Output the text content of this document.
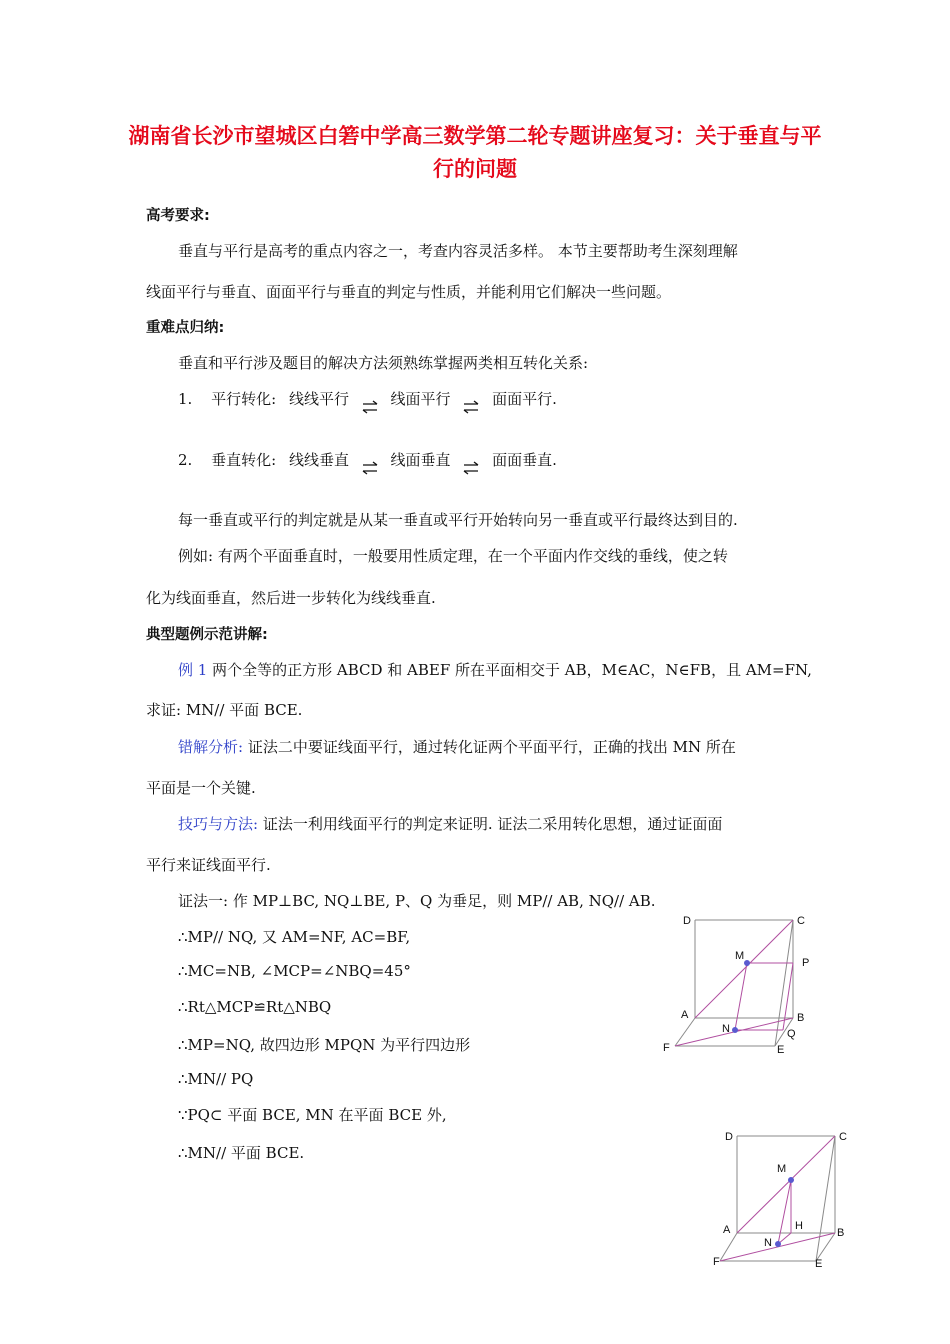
湖南省长沙市望城区白箬中学高三数学第二轮专题讲座复习：关于垂直与平行的问题
高考要求:
垂直与平行是高考的重点内容之一，考查内容灵活多样。 本节主要帮助考生深刻理解
线面平行与垂直、面面平行与垂直的判定与性质，并能利用它们解决一些问题。
重难点归纳:
垂直和平行涉及题目的解决方法须熟练掌握两类相互转化关系:
1. 平行转化: 线线平行	线面平行	面面平行.
2. 垂直转化: 线线垂直	线面垂直	面面垂直.
每一垂直或平行的判定就是从某一垂直或平行开始转向另一垂直或平行最终达到目的.
例如: 有两个平面垂直时，一般要用性质定理，在一个平面内作交线的垂线，使之转
化为线面垂直，然后进一步转化为线线垂直.
典型题例示范讲解:
例 1 两个全等的正方形 ABCD 和 ABEF 所在平面相交于 AB，M∈AC，N∈FB，且 AM=FN,
求证: MN// 平面 BCE.
错解分析: 证法二中要证线面平行，通过转化证两个平面平行，正确的找出 MN 所在
平面是一个关键.
技巧与方法: 证法一利用线面平行的判定来证明. 证法二采用转化思想，通过证面面
平行来证线面平行.
证法一: 作 MP⊥BC, NQ⊥BE, P、Q 为垂足，则 MP// AB, NQ// AB.
∴MP// NQ, 又 AM=NF, AC=BF,
∴MC=NB, ∠MCP=∠NBQ=45°
∴Rt△MCP≌Rt△NBQ
∴MP=NQ, 故四边形 MPQN 为平行四边形
∴MN// PQ
∵PQ⊂ 平面 BCE, MN 在平面 BCE 外,
∴MN// 平面 BCE.
D	C
M
P
A	B
N	Q
F	E
D	C
M
A	H
B
N
F	E
